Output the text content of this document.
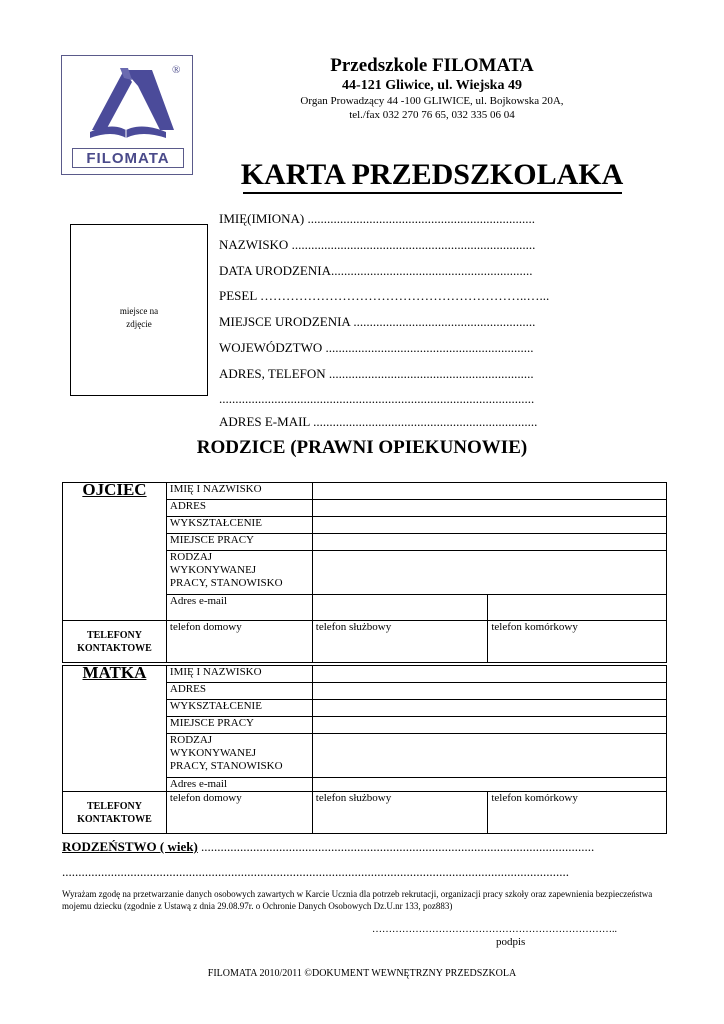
®
FILOMATA
Przedszkole FILOMATA
44-121 Gliwice, ul. Wiejska 49
Organ Prowadzący 44 -100 GLIWICE, ul. Bojkowska 20A,
tel./fax 032 270 76 65, 032 335 06 04
KARTA PRZEDSZKOLAKA
miejsce na
zdjęcie
IMIĘ(IMIONA) ......................................................................
NAZWISKO ...........................................................................
DATA URODZENIA..............................................................
PESEL ……………………………………………………..…...
MIEJSCE URODZENIA ........................................................
WOJEWÓDZTWO ................................................................
ADRES, TELEFON ...............................................................
.................................................................................................
ADRES E-MAIL .....................................................................
RODZICE (PRAWNI OPIEKUNOWIE)
OJCIEC	IMIĘ I NAZWISKO		
	ADRES		
	WYKSZTAŁCENIE		
	MIEJSCE PRACY		
	RODZAJ
WYKONYWANEJ
PRACY, STANOWISKO		
	Adres e-mail		
TELEFONY
KONTAKTOWE	telefon domowy	telefon służbowy	telefon komórkowy
MATKA	IMIĘ I NAZWISKO		
	ADRES		
	WYKSZTAŁCENIE		
	MIEJSCE PRACY		
	RODZAJ
WYKONYWANEJ
PRACY, STANOWISKO		
	Adres e-mail		
TELEFONY
KONTAKTOWE	telefon domowy	telefon służbowy	telefon komórkowy
RODZEŃSTWO ( wiek) .........................................................................................................................
............................................................................................................................................................
Wyrażam zgodę na przetwarzanie danych osobowych zawartych w Karcie Ucznia dla potrzeb rekrutacji, organizacji pracy szkoły oraz zapewnienia bezpieczeństwa mojemu dziecku (zgodnie z Ustawą z dnia 29.08.97r. o Ochronie Danych Osobowych Dz.U.nr 133, poz883)
………………………………………………………………..
podpis
FILOMATA 2010/2011 ©DOKUMENT WEWNĘTRZNY PRZEDSZKOLA
